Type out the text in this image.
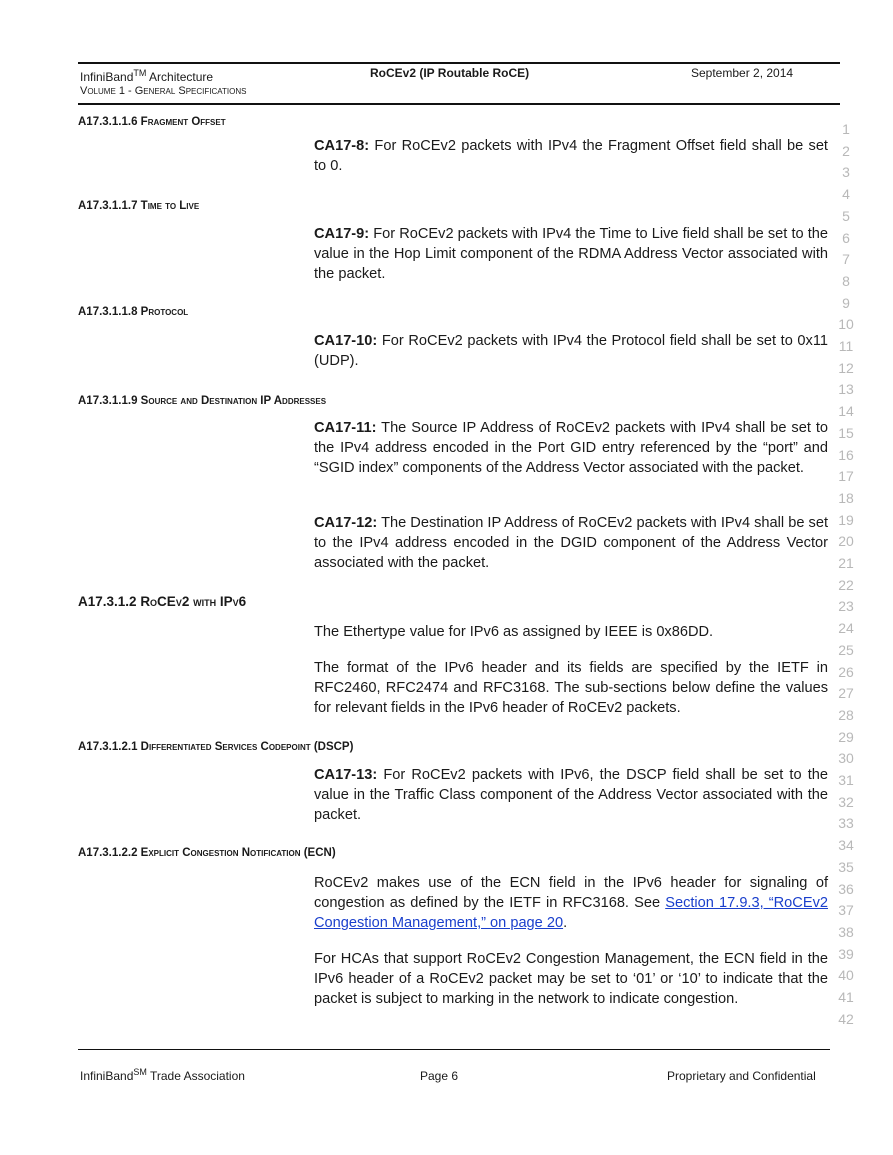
InfiniBand™ Architecture
Volume 1 - General Specifications
RoCEv2 (IP Routable RoCE)	September 2, 2014
A17.3.1.1.6 Fragment Offset
CA17-8: For RoCEv2 packets with IPv4 the Fragment Offset field shall be set to 0.
A17.3.1.1.7 Time to Live
CA17-9: For RoCEv2 packets with IPv4 the Time to Live field shall be set to the value in the Hop Limit component of the RDMA Address Vector associated with the packet.
A17.3.1.1.8 Protocol
CA17-10: For RoCEv2 packets with IPv4 the Protocol field shall be set to 0x11 (UDP).
A17.3.1.1.9 Source and Destination IP Addresses
CA17-11: The Source IP Address of RoCEv2 packets with IPv4 shall be set to the IPv4 address encoded in the Port GID entry referenced by the “port” and “SGID index” components of the Address Vector associated with the packet.
CA17-12: The Destination IP Address of RoCEv2 packets with IPv4 shall be set to the IPv4 address encoded in the DGID component of the Address Vector associated with the packet.
A17.3.1.2 RoCEv2 with IPv6
The Ethertype value for IPv6 as assigned by IEEE is 0x86DD.
The format of the IPv6 header and its fields are specified by the IETF in RFC2460, RFC2474 and RFC3168. The sub-sections below define the values for relevant fields in the IPv6 header of RoCEv2 packets.
A17.3.1.2.1 Differentiated Services Codepoint (DSCP)
CA17-13: For RoCEv2 packets with IPv6, the DSCP field shall be set to the value in the Traffic Class component of the Address Vector associated with the packet.
A17.3.1.2.2 Explicit Congestion Notification (ECN)
RoCEv2 makes use of the ECN field in the IPv6 header for signaling of congestion as defined by the IETF in RFC3168. See Section 17.9.3, “RoCEv2 Congestion Management,” on page 20.
For HCAs that support RoCEv2 Congestion Management, the ECN field in the IPv6 header of a RoCEv2 packet may be set to ‘01’ or ‘10’ to indicate that the packet is subject to marking in the network to indicate congestion.
1
2
3
4
5
6
7
8
9
10
11
12
13
14
15
16
17
18
19
20
21
22
23
24
25
26
27
28
29
30
31
32
33
34
35
36
37
38
39
40
41
42
InfiniBand℠ Trade Association	Page 6	Proprietary and Confidential
